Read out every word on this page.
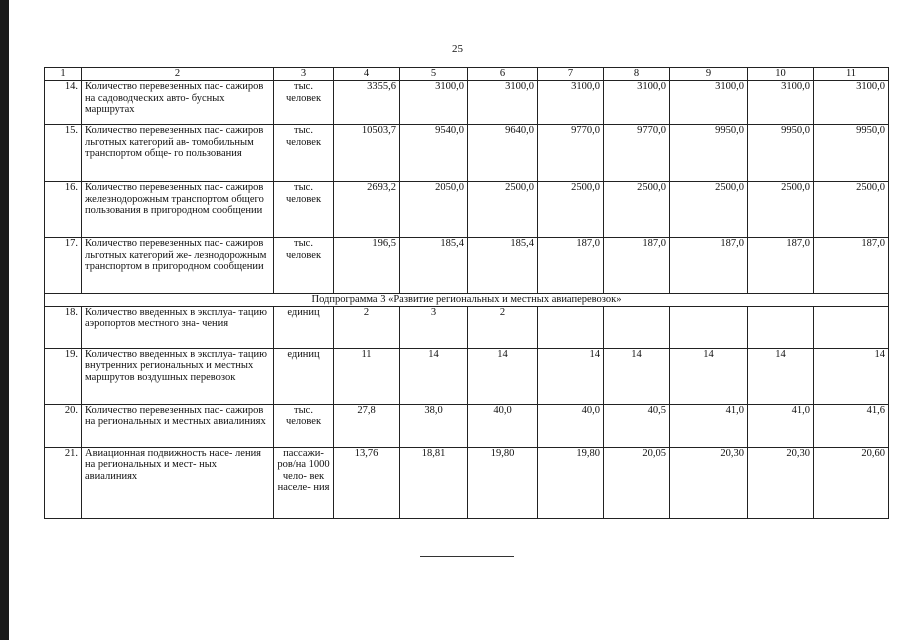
25
1	2	3	4	5	6	7	8	9	10	11
14.	Количество перевезенных пас- сажиров на садоводческих авто- бусных маршрутах	тыс. человек	3355,6	3100,0	3100,0	3100,0	3100,0	3100,0	3100,0	3100,0
15.	Количество перевезенных пас- сажиров льготных категорий ав- томобильным транспортом обще- го пользования	тыс. человек	10503,7	9540,0	9640,0	9770,0	9770,0	9950,0	9950,0	9950,0
16.	Количество перевезенных пас- сажиров железнодорожным транспортом общего пользования в пригородном сообщении	тыс. человек	2693,2	2050,0	2500,0	2500,0	2500,0	2500,0	2500,0	2500,0
17.	Количество перевезенных пас- сажиров льготных категорий же- лезнодорожным транспортом в пригородном сообщении	тыс. человек	196,5	185,4	185,4	187,0	187,0	187,0	187,0	187,0
Подпрограмма 3 «Развитие региональных и местных авиаперевозок»										
18.	Количество введенных в эксплуа- тацию аэропортов местного зна- чения	единиц	2	3	2					
19.	Количество введенных в эксплуа- тацию внутренних региональных и местных маршрутов воздушных перевозок	единиц	11	14	14	14	14	14	14	14
20.	Количество перевезенных пас- сажиров на региональных и местных авиалиниях	тыс. человек	27,8	38,0	40,0	40,0	40,5	41,0	41,0	41,6
21.	Авиационная подвижность насе- ления на региональных и мест- ных авиалиниях	пассажи- ров/на 1000 чело- век населе- ния	13,76	18,81	19,80	19,80	20,05	20,30	20,30	20,60
